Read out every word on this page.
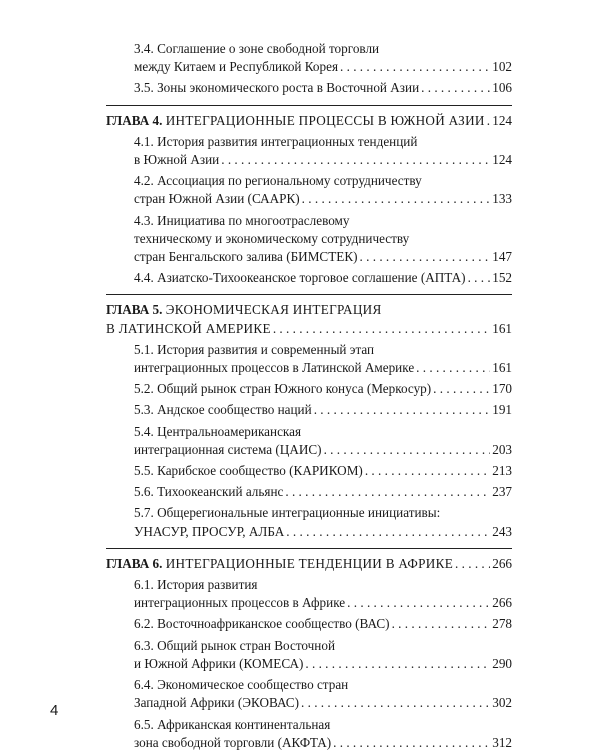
3.4. Соглашение о зоне свободной торговли
между Китаем и Республикой Корея . . .	102
3.5. Зоны экономического роста в Восточной Азии . . .	106
ГЛАВА 4. ИНТЕГРАЦИОННЫЕ ПРОЦЕССЫ В ЮЖНОЙ АЗИИ . . . 124
4.1. История развития интеграционных тенденций
в Южной Азии . . .	124
4.2. Ассоциация по региональному сотрудничеству
стран Южной Азии (СААРК) . . .	133
4.3. Инициатива по многоотраслевому
техническому и экономическому сотрудничеству
стран Бенгальского залива (БИМСТЕК) . . .	147
4.4. Азиатско-Тихоокеанское торговое соглашение (АПТА) . . . 152
ГЛАВА 5. ЭКОНОМИЧЕСКАЯ ИНТЕГРАЦИЯ
В ЛАТИНСКОЙ АМЕРИКЕ . . .	161
5.1. История развития и современный этап
интеграционных процессов в Латинской Америке . . .	161
5.2. Общий рынок стран Южного конуса (Меркосур) . . .	170
5.3. Андское сообщество наций . . .	191
5.4. Центральноамериканская
интеграционная система (ЦАИС) . . .	203
5.5. Карибское сообщество (КАРИКОМ) . . .	213
5.6. Тихоокеанский альянс . . .	237
5.7. Общерегиональные интеграционные инициативы:
УНАСУР, ПРОСУР, АЛБА . . .	243
ГЛАВА 6. ИНТЕГРАЦИОННЫЕ ТЕНДЕНЦИИ В АФРИКЕ . . .	266
6.1. История развития
интеграционных процессов в Африке . . .	266
6.2. Восточноафриканское сообщество (ВАС) . . .	278
6.3. Общий рынок стран Восточной
и Южной Африки (КОМЕСА) . . .	290
6.4. Экономическое сообщество стран
Западной Африки (ЭКОВАС) . . .	302
6.5. Африканская континентальная
зона свободной торговли (АКФТА) . . .	312
4
